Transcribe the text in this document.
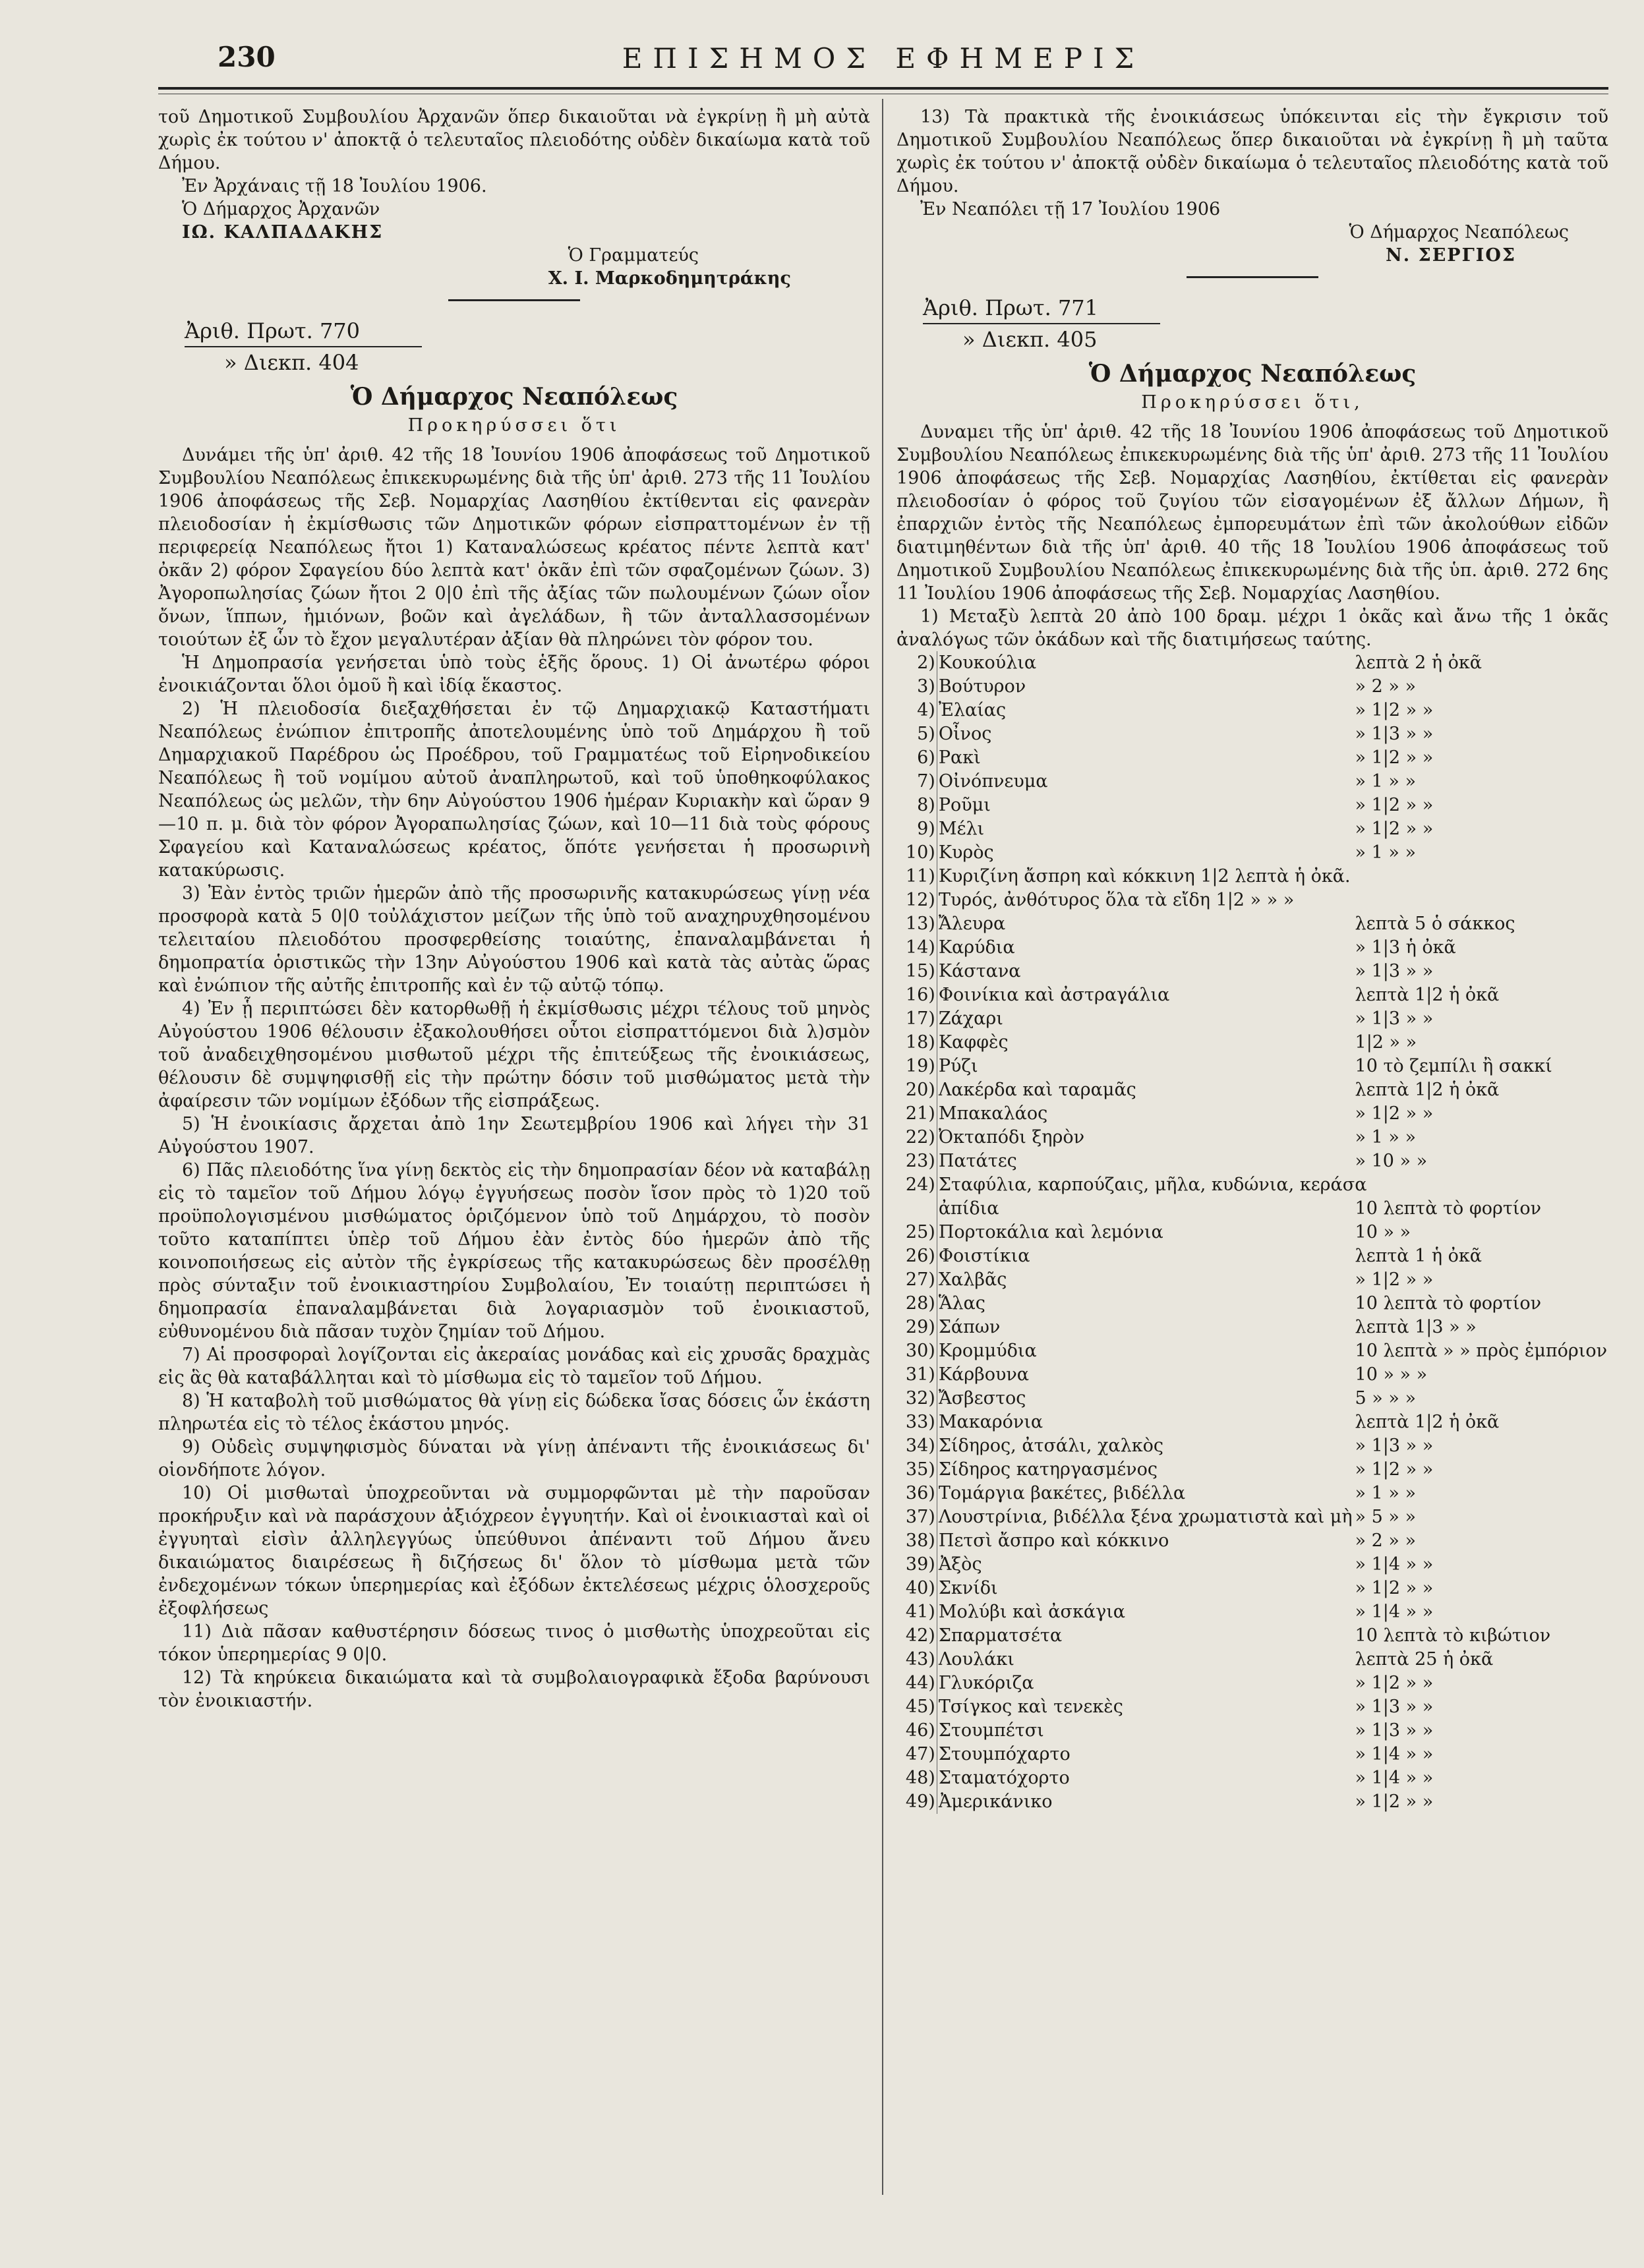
230	ΕΠΙΣΗΜΟΣ ΕΦΗΜΕΡΙΣ

τοῦ Δημοτικοῦ Συμβουλίου Ἀρχανῶν ὅπερ δικαιοῦται νὰ ἐγκρίνῃ ἢ μὴ αὐτὰ χωρὶς ἐκ τούτου ν' ἀποκτᾷ ὁ τελευταῖος πλειοδότης οὐδὲν δικαίωμα κατὰ τοῦ Δήμου.

Ἐν Ἀρχάναις τῇ 18 Ἰουλίου 1906.

Ὁ Δήμαρχος Ἀρχανῶν

ΙΩ. ΚΑΛΠΑΔΑΚΗΣ

Ὁ Γραμματεύς

Χ. Ι. Μαρκοδημητράκης

Ἀριθ. Πρωτ. 770
» Διεκπ. 404
Ὁ Δήμαρχος Νεαπόλεως
Προκηρύσσει ὅτι

Δυνάμει τῆς ὑπ' ἀριθ. 42 τῆς 18 Ἰουνίου 1906 ἀποφάσεως τοῦ Δημοτικοῦ Συμβουλίου Νεαπόλεως ἐπικεκυρωμένης διὰ τῆς ὑπ' ἀριθ. 273 τῆς 11 Ἰουλίου 1906 ἀποφάσεως τῆς Σεβ. Νομαρχίας Λασηθίου ἐκτίθενται εἰς φανερὰν πλειοδοσίαν ἡ ἐκμίσθωσις τῶν Δημοτικῶν φόρων εἰσπραττομένων ἐν τῇ περιφερείᾳ Νεαπόλεως ἤτοι 1) Καταναλώσεως κρέατος πέντε λεπτὰ κατ' ὀκᾶν 2) φόρον Σφαγείου δύο λεπτὰ κατ' ὀκᾶν ἐπὶ τῶν σφαζομένων ζώων. 3) Ἀγοροπωλησίας ζώων ἤτοι 2 0|0 ἐπὶ τῆς ἀξίας τῶν πωλουμένων ζώων οἷον ὄνων, ἵππων, ἡμιόνων, βοῶν καὶ ἀγελάδων, ἢ τῶν ἀνταλλασσομένων τοιούτων ἐξ ὧν τὸ ἔχον μεγαλυτέραν ἀξίαν θὰ πληρώνει τὸν φόρον του.

Ἡ Δημοπρασία γενήσεται ὑπὸ τοὺς ἑξῆς ὅρους. 1) Οἱ ἀνωτέρω φόροι ἐνοικιάζονται ὅλοι ὁμοῦ ἢ καὶ ἰδίᾳ ἕκαστος.

2) Ἡ πλειοδοσία διεξαχθήσεται ἐν τῷ Δημαρχιακῷ Καταστήματι Νεαπόλεως ἐνώπιον ἐπιτροπῆς ἀποτελουμένης ὑπὸ τοῦ Δημάρχου ἢ τοῦ Δημαρχιακοῦ Παρέδρου ὡς Προέδρου, τοῦ Γραμματέως τοῦ Εἰρηνοδικείου Νεαπόλεως ἢ τοῦ νομίμου αὐτοῦ ἀναπληρωτοῦ, καὶ τοῦ ὑποθηκοφύλακος Νεαπόλεως ὡς μελῶν, τὴν 6ην Αὐγούστου 1906 ἡμέραν Κυριακὴν καὶ ὥραν 9—10 π. μ. διὰ τὸν φόρον Ἀγοραπωλησίας ζώων, καὶ 10—11 διὰ τοὺς φόρους Σφαγείου καὶ Καταναλώσεως κρέατος, ὅπότε γενήσεται ἡ προσωρινὴ κατακύρωσις.

3) Ἐὰν ἐντὸς τριῶν ἡμερῶν ἀπὸ τῆς προσωρινῆς κατακυρώσεως γίνῃ νέα προσφορὰ κατὰ 5 0|0 τοὐλάχιστον μείζων τῆς ὑπὸ τοῦ αναχηρυχθησομένου τελειταίου πλειοδότου προσφερθείσης τοιαύτης, ἐπαναλαμβάνεται ἡ δημοπρατία ὁριστικῶς τὴν 13ην Αὐγούστου 1906 καὶ κατὰ τὰς αὐτὰς ὥρας καὶ ἐνώπιον τῆς αὐτῆς ἐπιτροπῆς καὶ ἐν τῷ αὐτῷ τόπῳ.

4) Ἐν ᾗ περιπτώσει δὲν κατορθωθῇ ἡ ἐκμίσθωσις μέχρι τέλους τοῦ μηνὸς Αὐγούστου 1906 θέλουσιν ἐξακολουθήσει οὗτοι εἰσπραττόμενοι διὰ λ)σμὸν τοῦ ἀναδειχθησομένου μισθωτοῦ μέχρι τῆς ἐπιτεύξεως τῆς ἐνοικιάσεως, θέλουσιν δὲ συμψηφισθῇ εἰς τὴν πρώτην δόσιν τοῦ μισθώματος μετὰ τὴν ἀφαίρεσιν τῶν νομίμων ἐξόδων τῆς εἰσπράξεως.

5) Ἡ ἐνοικίασις ἄρχεται ἀπὸ 1ην Σεωτεμβρίου 1906 καὶ λήγει τὴν 31 Αὐγούστου 1907.

6) Πᾶς πλειοδότης ἵνα γίνῃ δεκτὸς εἰς τὴν δημοπρασίαν δέον νὰ καταβάλῃ εἰς τὸ ταμεῖον τοῦ Δήμου λόγῳ ἐγγυήσεως ποσὸν ἴσον πρὸς τὸ 1)20 τοῦ προϋπολογισμένου μισθώματος ὁριζόμενον ὑπὸ τοῦ Δημάρχου, τὸ ποσὸν τοῦτο καταπίπτει ὑπὲρ τοῦ Δήμου ἐὰν ἐντὸς δύο ἡμερῶν ἀπὸ τῆς κοινοποιήσεως εἰς αὐτὸν τῆς ἐγκρίσεως τῆς κατακυρώσεως δὲν προσέλθῃ πρὸς σύνταξιν τοῦ ἐνοικιαστηρίου Συμβολαίου, Ἐν τοιαύτῃ περιπτώσει ἡ δημοπρασία ἐπαναλαμβάνεται διὰ λογαριασμὸν τοῦ ἐνοικιαστοῦ, εὐθυνομένου διὰ πᾶσαν τυχὸν ζημίαν τοῦ Δήμου.

7) Αἱ προσφοραὶ λογίζονται εἰς ἀκεραίας μονάδας καὶ εἰς χρυσᾶς δραχμὰς εἰς ἃς θὰ καταβάλληται καὶ τὸ μίσθωμα εἰς τὸ ταμεῖον τοῦ Δήμου.

8) Ἡ καταβολὴ τοῦ μισθώματος θὰ γίνῃ εἰς δώδεκα ἴσας δόσεις ὧν ἑκάστη πληρωτέα εἰς τὸ τέλος ἑκάστου μηνός.

9) Οὐδεὶς συμψηφισμὸς δύναται νὰ γίνῃ ἀπέναντι τῆς ἐνοικιάσεως δι' οἱονδήποτε λόγον.

10) Οἱ μισθωταὶ ὑποχρεοῦνται νὰ συμμορφῶνται μὲ τὴν παροῦσαν προκήρυξιν καὶ νὰ παράσχουν ἀξιόχρεον ἐγγυητήν. Καὶ οἱ ἐνοικιασταὶ καὶ οἱ ἐγγυηταὶ εἰσὶν ἀλληλεγγύως ὑπεύθυνοι ἀπέναντι τοῦ Δήμου ἄνευ δικαιώματος διαιρέσεως ἢ διζήσεως δι' ὅλον τὸ μίσθωμα μετὰ τῶν ἐνδεχομένων τόκων ὑπερημερίας καὶ ἐξόδων ἐκτελέσεως μέχρις ὁλοσχεροῦς ἐξοφλήσεως

11) Διὰ πᾶσαν καθυστέρησιν δόσεως τινος ὁ μισθωτὴς ὑποχρεοῦται εἰς τόκον ὑπερημερίας 9 0|0.

12) Τὰ κηρύκεια δικαιώματα καὶ τὰ συμβολαιογραφικὰ ἔξοδα βαρύνουσι τὸν ἐνοικιαστήν.

13) Τὰ πρακτικὰ τῆς ἐνοικιάσεως ὑπόκεινται εἰς τὴν ἔγκρισιν τοῦ Δημοτικοῦ Συμβουλίου Νεαπόλεως ὅπερ δικαιοῦται νὰ ἐγκρίνῃ ἢ μὴ ταῦτα χωρὶς ἐκ τούτου ν' ἀποκτᾷ οὐδὲν δικαίωμα ὁ τελευταῖος πλειοδότης κατὰ τοῦ Δήμου.

Ἐν Νεαπόλει τῇ 17 Ἰουλίου 1906

Ὁ Δήμαρχος Νεαπόλεως

Ν. ΣΕΡΓΙΟΣ

Ἀριθ. Πρωτ. 771
» Διεκπ. 405
Ὁ Δήμαρχος Νεαπόλεως
Προκηρύσσει ὅτι,

Δυναμει τῆς ὑπ' ἀριθ. 42 τῆς 18 Ἰουνίου 1906 ἀποφάσεως τοῦ Δημοτικοῦ Συμβουλίου Νεαπόλεως ἐπικεκυρωμένης διὰ τῆς ὑπ' ἀριθ. 273 τῆς 11 Ἰουλίου 1906 ἀποφάσεως τῆς Σεβ. Νομαρχίας Λασηθίου, ἐκτίθεται εἰς φανερὰν πλειοδοσίαν ὁ φόρος τοῦ ζυγίου τῶν εἰσαγομένων ἐξ ἄλλων Δήμων, ἢ ἐπαρχιῶν ἐντὸς τῆς Νεαπόλεως ἐμπορευμάτων ἐπὶ τῶν ἀκολούθων εἰδῶν διατιμηθέντων διὰ τῆς ὑπ' ἀριθ. 40 τῆς 18 Ἰουλίου 1906 ἀποφάσεως τοῦ Δημοτικοῦ Συμβουλίου Νεαπόλεως ἐπικεκυρωμένης διὰ τῆς ὑπ. ἀριθ. 272 6ης 11 Ἰουλίου 1906 ἀποφάσεως τῆς Σεβ. Νομαρχίας Λασηθίου.

1) Μεταξὺ λεπτὰ 20 ἀπὸ 100 δραμ. μέχρι 1 ὀκᾶς καὶ ἄνω τῆς 1 ὀκᾶς ἀναλόγως τῶν ὀκάδων καὶ τῆς διατιμήσεως ταύτης.

2)	Κουκούλια	λεπτὰ 2 ἡ ὀκᾶ
3)	Βούτυρον	» 2 » »
4)	Ἐλαίας	» 1|2 » »
5)	Οἶνος	» 1|3 » »
6)	Ρακὶ	» 1|2 » »
7)	Οἰνόπνευμα	» 1 » »
8)	Ροῦμι	» 1|2 » »
9)	Μέλι	» 1|2 » »
10)	Κυρὸς	» 1 » »
11)	Κυριζίνη ἄσπρη καὶ κόκκινη 1|2 λεπτὰ ἡ ὀκᾶ.	
12)	Τυρός, ἀνθότυρος ὅλα τὰ εἴδη 1|2 » » »	
13)	Ἄλευρα	λεπτὰ 5 ὁ σάκκος
14)	Καρύδια	» 1|3 ἡ ὀκᾶ
15)	Κάστανα	» 1|3 » »
16)	Φοινίκια καὶ ἀστραγάλια	λεπτὰ 1|2 ἡ ὀκᾶ
17)	Ζάχαρι	» 1|3 » »
18)	Καφφὲς	1|2 » »
19)	Ρύζι	10 τὸ ζεμπίλι ἢ σακκί
20)	Λακέρδα καὶ ταραμᾶς	λεπτὰ 1|2 ἡ ὀκᾶ
21)	Μπακαλάος	» 1|2 » »
22)	Ὀκταπόδι ξηρὸν	» 1 » »
23)	Πατάτες	» 10 » »
24)	Σταφύλια, καρπούζαις, μῆλα, κυδώνια, κεράσα	
	ἀπίδια	10 λεπτὰ τὸ φορτίον
25)	Πορτοκάλια καὶ λεμόνια	10 » »
26)	Φοιστίκια	λεπτὰ 1 ἡ ὀκᾶ
27)	Χαλβᾶς	» 1|2 » »
28)	Ἅλας	10 λεπτὰ τὸ φορτίον
29)	Σάπων	λεπτὰ 1|3 » »
30)	Κρομμύδια	10 λεπτὰ » » πρὸς ἐμπόριον
31)	Κάρβουνα	10 » » »
32)	Ἄσβεστος	5 » » »
33)	Μακαρόνια	λεπτὰ 1|2 ἡ ὀκᾶ
34)	Σίδηρος, ἀτσάλι, χαλκὸς	» 1|3 » »
35)	Σίδηρος κατηργασμένος	» 1|2 » »
36)	Τομάργια βακέτες, βιδέλλα	» 1 » »
37)	Λουστρίνια, βιδέλλα ξένα χρωματιστὰ καὶ μὴ	» 5 » »
38)	Πετσὶ ἄσπρο καὶ κόκκινο	» 2 » »
39)	Ἀξὸς	» 1|4 » »
40)	Σκνίδι	» 1|2 » »
41)	Μολύβι καὶ ἀσκάγια	» 1|4 » »
42)	Σπαρματσέτα	10 λεπτὰ τὸ κιβώτιον
43)	Λουλάκι	λεπτὰ 25 ἡ ὀκᾶ
44)	Γλυκόριζα	» 1|2 » »
45)	Τσίγκος καὶ τενεκὲς	» 1|3 » »
46)	Στουμπέτσι	» 1|3 » »
47)	Στουμπόχαρτο	» 1|4 » »
48)	Σταματόχορτο	» 1|4 » »
49)	Ἀμερικάνικο	» 1|2 » »
